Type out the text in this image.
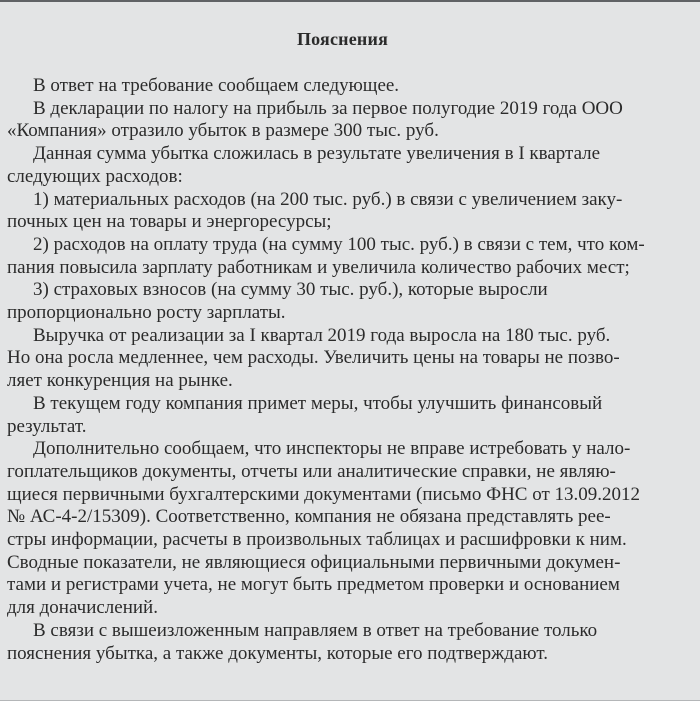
Пояснения
В ответ на требование сообщаем следующее.
В декларации по налогу на прибыль за первое полугодие 2019 года ООО
«Компания» отразило убыток в размере 300 тыс. руб.
Данная сумма убытка сложилась в результате увеличения в I квартале
следующих расходов:
1) материальных расходов (на 200 тыс. руб.) в связи с увеличением заку-
почных цен на товары и энергоресурсы;
2) расходов на оплату труда (на сумму 100 тыс. руб.) в связи с тем, что ком-
пания повысила зарплату работникам и увеличила количество рабочих мест;
3) страховых взносов (на сумму 30 тыс. руб.), которые выросли
пропорционально росту зарплаты.
Выручка от реализации за I квартал 2019 года выросла на 180 тыс. руб.
Но она росла медленнее, чем расходы. Увеличить цены на товары не позво-
ляет конкуренция на рынке.
В текущем году компания примет меры, чтобы улучшить финансовый
результат.
Дополнительно сообщаем, что инспекторы не вправе истребовать у нало-
гоплательщиков документы, отчеты или аналитические справки, не являю-
щиеся первичными бухгалтерскими документами (письмо ФНС от 13.09.2012
№ АС-4-2/15309). Соответственно, компания не обязана представлять рее-
стры информации, расчеты в произвольных таблицах и расшифровки к ним.
Сводные показатели, не являющиеся официальными первичными докумен-
тами и регистрами учета, не могут быть предметом проверки и основанием
для доначислений.
В связи с вышеизложенным направляем в ответ на требование только
пояснения убытка, а также документы, которые его подтверждают.
